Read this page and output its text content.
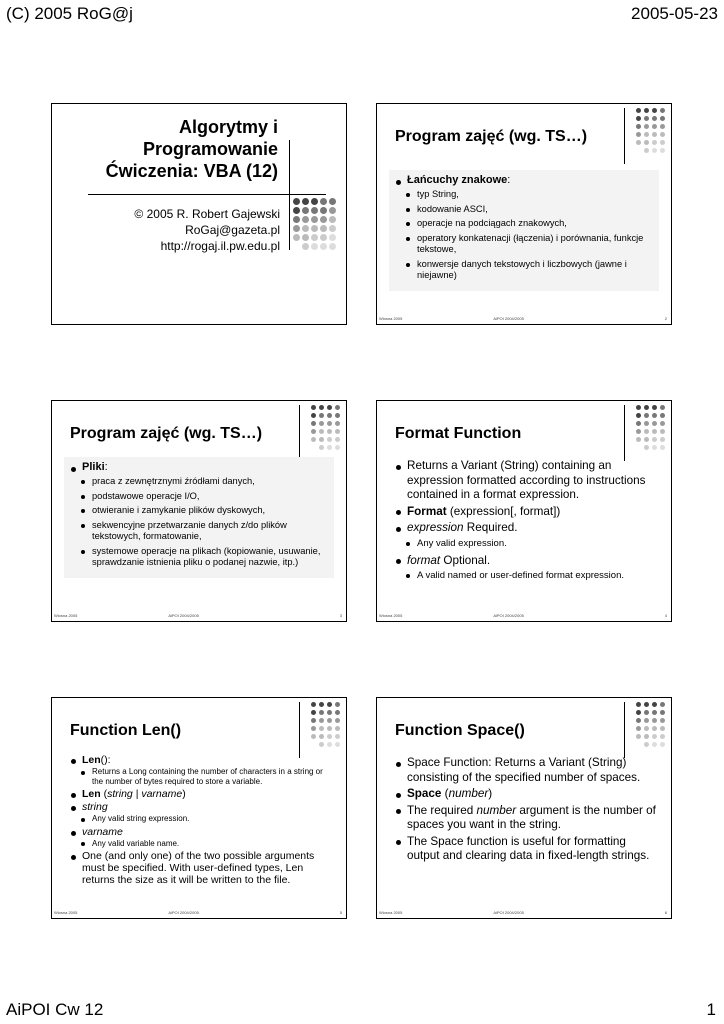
(C) 2005 RoG@j	2005-05-23
Algorytmy i
Programowanie
Ćwiczenia: VBA (12)
© 2005 R. Robert Gajewski
RoGaj@gazeta.pl
http://rogaj.il.pw.edu.pl
Program zajęć (wg. TS…)
Łańcuchy znakowe:
typ String,
kodowanie ASCI,
operacje na podciągach znakowych,
operatory konkatenacji (łączenia) i porównania, funkcje tekstowe,
konwersje danych tekstowych i liczbowych (jawne i niejawne)
Wiosna 2005	AiPOI 2004/2005	2
Program zajęć (wg. TS…)
Pliki:
praca z zewnętrznymi źródłami danych,
podstawowe operacje I/O,
otwieranie i zamykanie plików dyskowych,
sekwencyjne przetwarzanie danych z/do plików tekstowych, formatowanie,
systemowe operacje na plikach (kopiowanie, usuwanie, sprawdzanie istnienia pliku o podanej nazwie, itp.)
Wiosna 2005	AiPOI 2004/2005	3
Format Function
Returns a Variant (String) containing an expression formatted according to instructions contained in a format expression.
Format (expression[, format])
expression Required.
Any valid expression.
format Optional.
A valid named or user-defined format expression.
Wiosna 2005	AiPOI 2004/2005	4
Function Len()
Len():
Returns a Long containing the number of characters in a string or the number of bytes required to store a variable.
Len (string | varname)
string
Any valid string expression.
varname
Any valid variable name.
One (and only one) of the two possible arguments must be specified. With user-defined types, Len returns the size as it will be written to the file.
Wiosna 2005	AiPOI 2004/2005	5
Function Space()
Space Function: Returns a Variant (String) consisting of the specified number of spaces.
Space (number)
The required number argument is the number of spaces you want in the string.
The Space function is useful for formatting output and clearing data in fixed-length strings.
Wiosna 2005	AiPOI 2004/2005	6
AiPOI Cw 12	1
